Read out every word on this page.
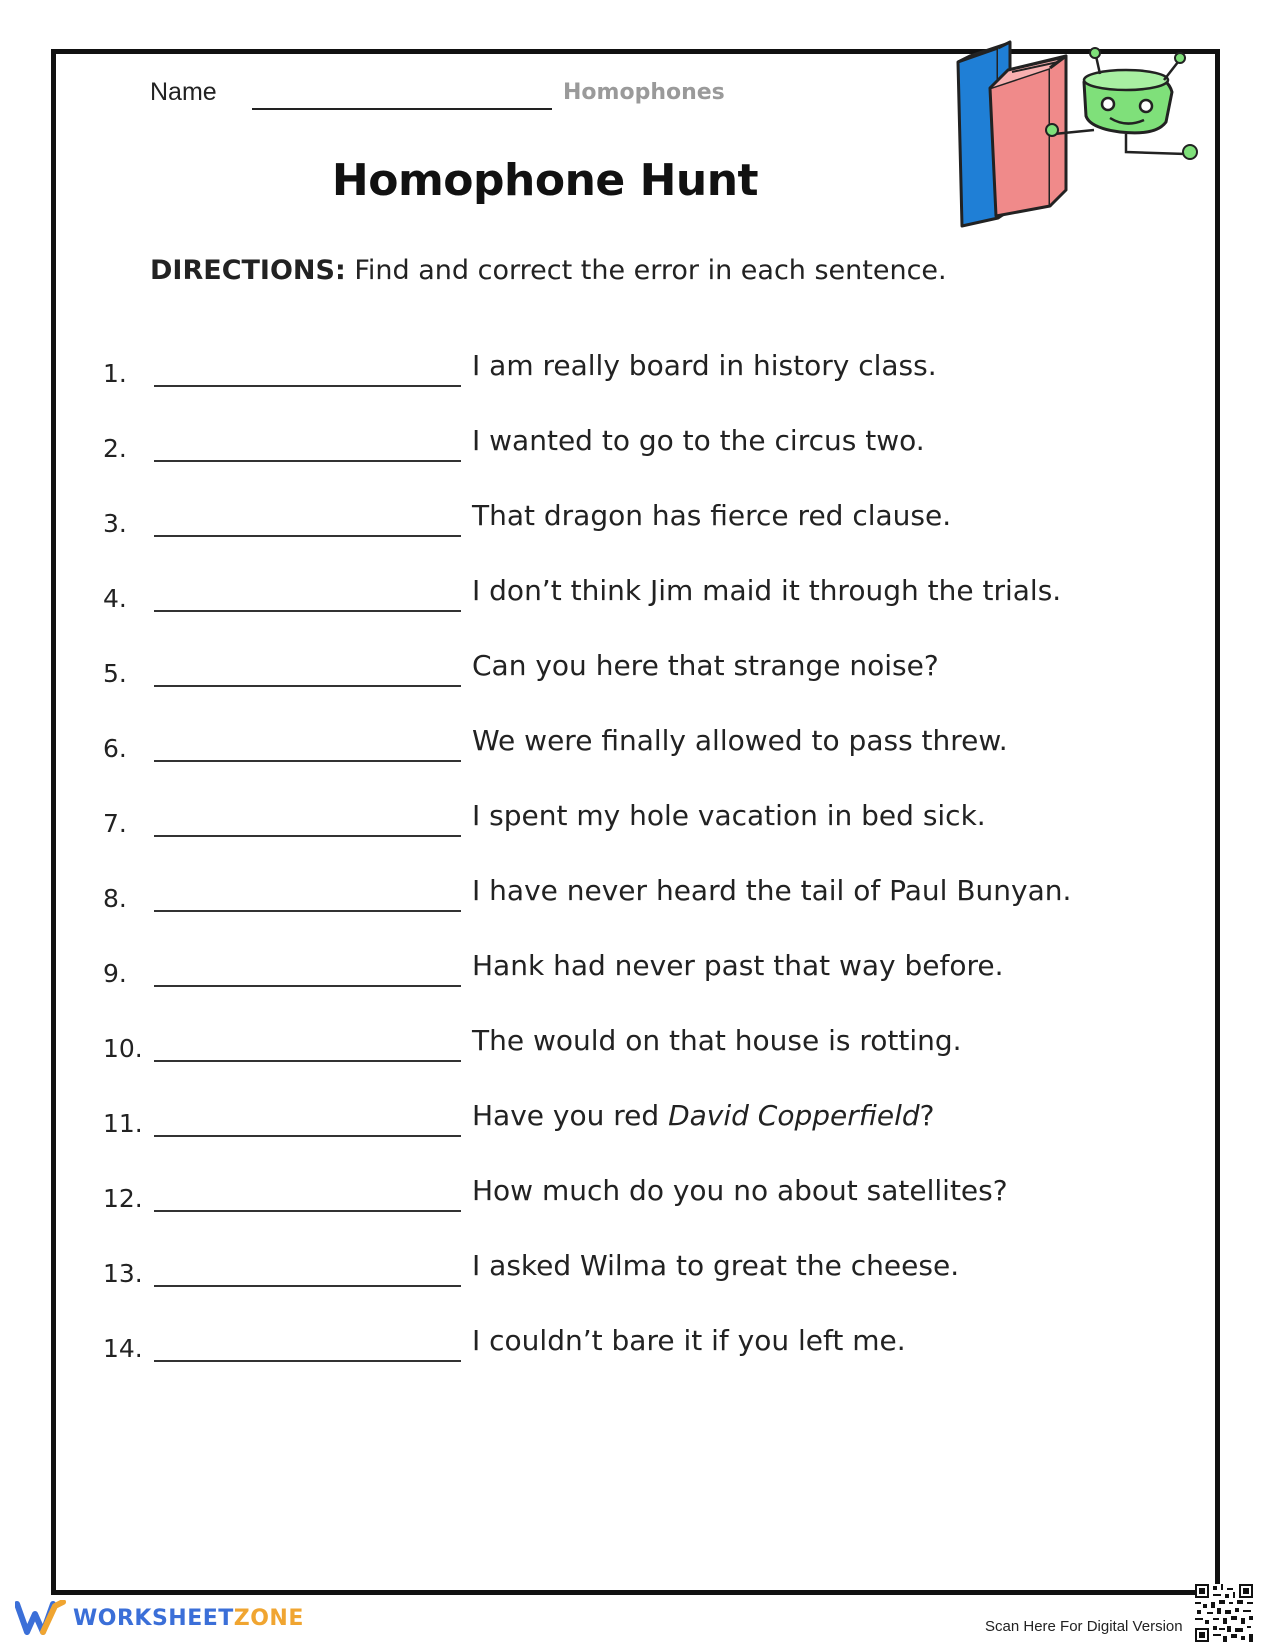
Name	Homophones
Homophone Hunt
DIRECTIONS: Find and correct the error in each sentence.
1.	I am really board in history class.
2.	I wanted to go to the circus two.
3.	That dragon has fierce red clause.
4.	I don’t think Jim maid it through the trials.
5.	Can you here that strange noise?
6.	We were finally allowed to pass threw.
7.	I spent my hole vacation in bed sick.
8.	I have never heard the tail of Paul Bunyan.
9.	Hank had never past that way before.
10.	The would on that house is rotting.
11.	Have you red David Copperfield?
12.	How much do you no about satellites?
13.	I asked Wilma to great the cheese.
14.	I couldn’t bare it if you left me.
WORKSHEETZONE	Scan Here For Digital Version
